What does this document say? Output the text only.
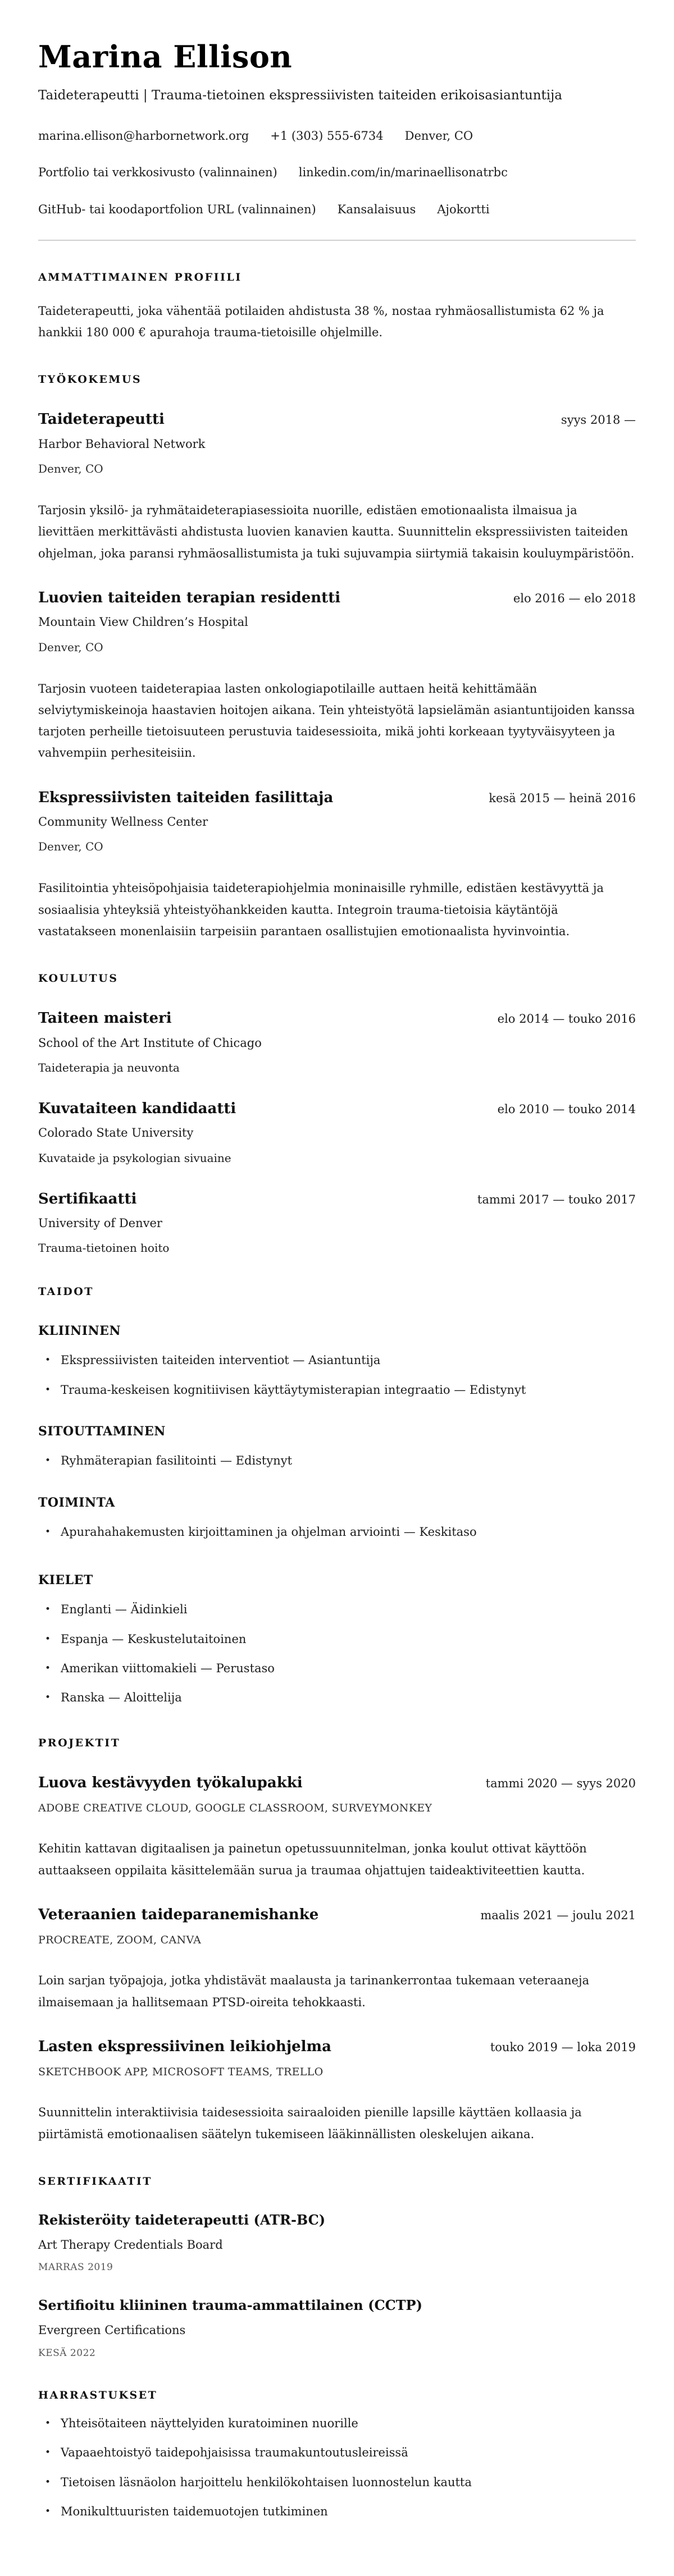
Marina Ellison

Taideterapeutti | Trauma-tietoinen ekspressiivisten taiteiden erikoisasiantuntija

marina.ellison@harbornetwork.org +1 (303) 555-6734 Denver, CO
Portfolio tai verkkosivusto (valinnainen) linkedin.com/in/marinaellisonatrbc
GitHub- tai koodaportfolion URL (valinnainen) Kansalaisuus Ajokortti
AMMATTIMAINEN PROFIILI

Taideterapeutti, joka vähentää potilaiden ahdistusta 38 %, nostaa ryhmäosallistumista 62 % ja hankkii 180 000 € apurahoja trauma-tietoisille ohjelmille.

TYÖKOKEMUS
Taideterapeutti	syys 2018 —
Harbor Behavioral Network
Denver, CO

Tarjosin yksilö- ja ryhmätaideterapiasessioita nuorille, edistäen emotionaalista ilmaisua ja lievittäen merkittävästi ahdistusta luovien kanavien kautta. Suunnittelin ekspressiivisten taiteiden ohjelman, joka paransi ryhmäosallistumista ja tuki sujuvampia siirtymiä takaisin kouluympäristöön.

Luovien taiteiden terapian residentti	elo 2016 — elo 2018
Mountain View Children’s Hospital
Denver, CO

Tarjosin vuoteen taideterapiaa lasten onkologiapotilaille auttaen heitä kehittämään selviytymiskeinoja haastavien hoitojen aikana. Tein yhteistyötä lapsielämän asiantuntijoiden kanssa tarjoten perheille tietoisuuteen perustuvia taidesessioita, mikä johti korkeaan tyytyväisyyteen ja vahvempiin perhesiteisiin.

Ekspressiivisten taiteiden fasilittaja	kesä 2015 — heinä 2016
Community Wellness Center
Denver, CO

Fasilitointia yhteisöpohjaisia taideterapiohjelmia moninaisille ryhmille, edistäen kestävyyttä ja sosiaalisia yhteyksiä yhteistyöhankkeiden kautta. Integroin trauma-tietoisia käytäntöjä vastatakseen monenlaisiin tarpeisiin parantaen osallistujien emotionaalista hyvinvointia.

KOULUTUS
Taiteen maisteri	elo 2014 — touko 2016
School of the Art Institute of Chicago
Taideterapia ja neuvonta
Kuvataiteen kandidaatti	elo 2010 — touko 2014
Colorado State University
Kuvataide ja psykologian sivuaine
Sertifikaatti	tammi 2017 — touko 2017
University of Denver
Trauma-tietoinen hoito
TAIDOT
KLIININEN
• Ekspressiivisten taiteiden interventiot — Asiantuntija
• Trauma-keskeisen kognitiivisen käyttäytymisterapian integraatio — Edistynyt
SITOUTTAMINEN
• Ryhmäterapian fasilitointi — Edistynyt
TOIMINTA
• Apurahahakemusten kirjoittaminen ja ohjelman arviointi — Keskitaso
KIELET
• Englanti — Äidinkieli
• Espanja — Keskustelutaitoinen
• Amerikan viittomakieli — Perustaso
• Ranska — Aloittelija
PROJEKTIT
Luova kestävyyden työkalupakki	tammi 2020 — syys 2020
ADOBE CREATIVE CLOUD, GOOGLE CLASSROOM, SURVEYMONKEY

Kehitin kattavan digitaalisen ja painetun opetussuunnitelman, jonka koulut ottivat käyttöön auttaakseen oppilaita käsittelemään surua ja traumaa ohjattujen taideaktiviteettien kautta.

Veteraanien taideparanemishanke	maalis 2021 — joulu 2021
PROCREATE, ZOOM, CANVA

Loin sarjan työpajoja, jotka yhdistävät maalausta ja tarinankerrontaa tukemaan veteraaneja ilmaisemaan ja hallitsemaan PTSD-oireita tehokkaasti.

Lasten ekspressiivinen leikiohjelma	touko 2019 — loka 2019
SKETCHBOOK APP, MICROSOFT TEAMS, TRELLO

Suunnittelin interaktiivisia taidesessioita sairaaloiden pienille lapsille käyttäen kollaasia ja piirtämistä emotionaalisen säätelyn tukemiseen lääkinnällisten oleskelujen aikana.

SERTIFIKAATIT
Rekisteröity taideterapeutti (ATR-BC)
Art Therapy Credentials Board
MARRAS 2019
Sertifioitu kliininen trauma-ammattilainen (CCTP)
Evergreen Certifications
KESÄ 2022
HARRASTUKSET
• Yhteisötaiteen näyttelyiden kuratoiminen nuorille
• Vapaaehtoistyö taidepohjaisissa traumakuntoutusleireissä
• Tietoisen läsnäolon harjoittelu henkilökohtaisen luonnostelun kautta
• Monikulttuuristen taidemuotojen tutkiminen
